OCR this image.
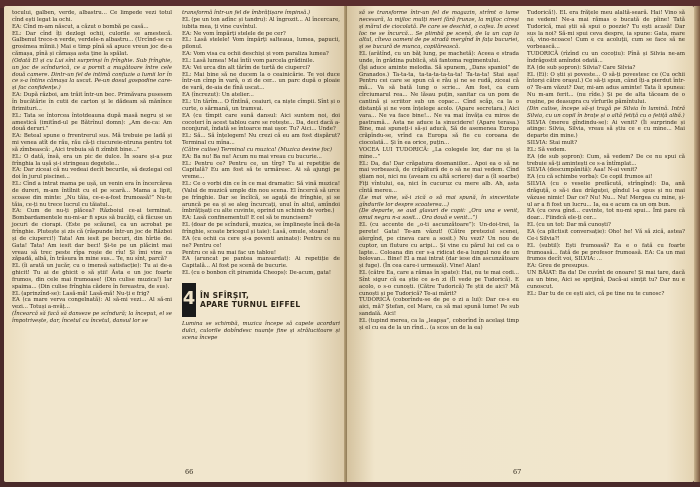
tocului, galben, verde, albastru... Ce limpede vezi totul cînd ești legat la ochi.

EA: Cînd m-am născut, a căzut o bombă pe casă...

EL: Dar cînd îți dezlegi ochii, culorile se amestecă. Galbenul trece-n verde, verdele-n albastru... (Urcînd-se cu grosimea mîinii.) Mai e timp pînă să apuce vreun joc de-a cămașa, pînă și cămașa asta ține la spălat.

(Odată El și cu Lui sînt surprinși în frînghie. Sub frînghie, un joc de scîndurică, ce a pornit a mugătoare între cele două camere. Dintr-un fel de intimă confuzie a lumii lor în ce s-a întins cămașa la uscat. Pe-un dosul gospodine care-și fac confidențe.)

EA: După război, am trăit într-un bec. Primăvara pusesem în bucătărie în cutii de carton și le dădeam să mănînce firimituri...

EL: Tata se întorcea întotdeauna după masă negru și se amestică (imitînd-ul pe Bătrînul domn): „Am de-ca: Am două deruri.”

EA: Beteal spune o frrentrerul sus. Mă trebuie pe ladă și mi venea atît de rău, rău că-ți ciucureie-ntruna pentru tot să zîmbească: „Aici trebuia să fi zîmbit bine...”

EL: O dată, însă, era un pic de dulce. În soare și-a puz frînghia la ușă și-i stringeau degetele...

EA: Dar ziceai că nu vedeai decît becurile, să dezlegai cel doi în jurul piscinei...

EL: Cînd a intrat mama pe ușă, un venin era în încercărea de dureri, m-am întîlnit cu el pe scară... Mama a lipit, scoase din minte: „Nu tăia, ce-e-a-fost frumoasă!” Nu-te tăia, ce-ți nu trece lucrul cu tăiatul...

EA: Cum de nu-ți plăcea? Războiul ce-ai terminat. Bombardamentele nu-mi-ar fi spus să bucăți, că făcuse un jocuri de ciorapi. (Este pe scăunel, ca un acrobat pe frînghie. Plutește și zis că (răspunde într-un joc de Război și de ciuperci!) Tata! Am iesit pe becuri, din hîrtie de. Gata! Tata! Am iesit dar beci! Și-te pe un plăcint mai vreau să trec peste rîpa roșie de rîu! Și îmi vine ca zăpadă, albă, în trăsura în mine sus... Te, nu sînt, parcă?

EL (îi arată un jucăr, cu o imensă satisfacție): Tu ai de-a ghicit! Tu ai de ghicit o să știi! Ăsta e un joc foarte frumos, din cele mai frumoase! (Din culise muzica!) Iar spaima... (Din culise frînghia cădere în fereastra, de sus).

EL (aprinzînd-se): Lasă-mă! Lasă-mă! Nu-ți e frig?

EA (ca mare verva congelnată): Al să-mi vezi... Al să-mi vezi... Totuși a-nvăț...

(Încearcă să facă să danseze pe scîndură; la început, el se împotrivește, dar, încetul cu încetul, dansul lor se

transformă într-un fel de îmbrățișare împinsă.)

EL (pe un ton adînc și tandru): Al îngrozit... Al încercare, iubita mea, ți vine cuvîntul.

EA: Ne vom împărți stelele de pe cer?

EL: Lasă stelele! Vom împărți salteaua, lumea, papucii, pilonul.

EA: Vom visa cu ochii deschiși și vom paraliza lumea?

EL: Lasă lumea! Mai întîi vom parcela grădinile.

EA: Vei urca din alt tărîm de turtă de ciuperci?

EL: Mai bine să ne ducem la o ceainicărie. Te voi duce într-un cîmp în vară, o zi de cer... un parc după o ploaie de vară, de-aia de fînă uscat...

EA (încrezut): Un atelier...

EL: Un tărîm... O fîntînă, ceaiuri, ca niște cîmpii. Sînt și o curte, o sărmană, un tramvai.

EA (cu tîmpit care sună dansul: Aici suntem noi, doi cocoteri în acest tablou care se rotește... Da, deci dacă a-nconjurat, îndată se întoarce mai ușor. Tu? Aici... Unde?

EL: Să... Să înțelegem! Nu crezi că eu am fost dispărut? Terminal cu mîna...

(Către culise) Terminal cu muzica! (Muzica devine foc)

EA: Ba nu! Ba nu! Acum nu mai vreau cu bucurie...

EL: Pentru ce? Pentru ce, un tîrg? Tu ai repetiție de Capitală? Eu am fost să te urmăresc. Ai să ajungi pe vreme...

EL: Ce o vorbi din ce în ce mai dramatic: Să vină muzica! (Valul de muzică umple din nou scena. El încercă să urce pe frînghie. Dar se încîlcă, se agață de frînghie, și se aruncă pe ea și se aleg încurcați, unul în altul, amîndoi îmbrățișați cu alte cuvinte, oprind un schimb de vorbe.)

EA: Lasă confinementul! E cel să te muncisem?

EL (doar de pe scîndură, muzica, se împlinește încă de-la frînghie, scoate bricegul și taie): Lasă, omule, stoara!

EA (cu ochii ca cere și-a poventi aninate): Pentru ce nu ne? Pentru ce!

Pentru ce să nu mai fac un tablou!

EA (aruncat pe pantea mansardat): Ai repetiție de Capitală... Al fost pe scenă de bucurie.

EL (cu o bonbon cît piramida Cheops): De-acum, gata!

4 ÎN SFÎRȘIT,
APARE TURNUL EIFFEL

Lumina se schimbă, muzica începe să capete acorduri dulci, culorile dobîndesc nuanțe fine și strălucitoare și scena începe

66

să se transforme într-un fel de magazin, strîmt o lume necesară, la mijloc mulți meri fără frunze, la mijloc cireși și mărul de ciocolată. Pe care se deschid, o cafea. În acest loc ne se încurcă... Se plimbă pe scenă, de la un cap la altul, cîteva oameni de pe stradă mergînd în fața bucuriei, și se bucură de munca, copilărească.

EL (arătînd, cu un băț lung, pe machetă): Aceea e strada unde, în grădina publică, stă fantoma regimentului.

(Își aduce aminte melodia. Să spunem, „Dans spaniol” de Granados.) Ta-ta-ta, ta-ta-ta-ta-ta-ta! Ta-ta-ta! Stai așa! Pentru cei care se spun că e rău și ne se rudă, ziceai că mă... Va să bată lung o scrie... Am fost, ca cum cîrciumarul rea... Ne lăsau puțin, sanitar ca un pom de cantină și scriitor sub un copac... Cînd scăp, ca la o distanță și ne vom înțelege acolo. (Apare secretara.) Aici vara... Ne va face bine!... Ne va mai învăța cu miros de pastramă... Asta ne aduce la sinucidere! (Apare terasa.) Bine, mai spuneți-i să-și aducă, Să de asemenea Europa crăpîndu-se, vrînd ca Europa să fie cu coroana de ciocolată... Și în ea orice, puțin...

VOCEA LUI TUDORICĂ: „La colegele lor, dar nu și la mine...”

EL: Da, da! Dar crăpatura dosmaniilor... Apoi ea o să ne mai vorbească, de crăpătură de o să ne mai vedem. Cînd știam noi, nici nu (aveam cu altă scriere) dar a (îl soarbe) Fiți vîntului, ea, nici în cucuruz cu mere alb. Ah, asta cîntă mereu...

(Le mai vine, să-i zică o să mai spună, în sinceritate gîndurile lor despre scoaterea...)

(De departe, se aud glasuri de copii: „Ora una e venit, omul negru n-a sosit... Ora două e venit...”)

EL (cu accente de „o-ti ascunzătoare”): Un-doi-trei, la perete! Gata! Te-am văzut! (Către preteziul scenei, alergînd, pe cineva care a sosit.) Nu vezi? Un nou de cuptor, un fluture cu aripi... Și vine cu părul lui cel ca o lapte... Coloana din cer s-a ridicat de-a lungul nou de un bolovan... Bine! El a mai intrat (dar iese din ascunzătoare și fuge). (În cea care-i urmează). Vine! Alan!

EL (către Ea, care a rămas în spate): Hai, nu te mai codi... Sînt sigur că ea știe ce a-n zi (Îl vede pe Tudorică). E acolo, o s-o cunoști. (Către Tudorică) Te știi de aici? Mă cunoști și pe Tudorică? Te-ai mărit?

TUDORICĂ (coborîndu-se de pe o zi a lui): Dar ce-s eu aici, mă? Ștefan, cel Mare, ca să mai spună lume! Pe sub sandală. Aici!

EL (tupind merea, ca la „leapșa”, coborînd în același timp și el cu ea de la un rînd... (a scos un de la ea)

Tudorică!). EL era frățele meu alaltă-seară. Hai! Vino să ne vedem! Ne-a mai rămas o bucată de pîine! Tată Tudorică, mai știi să spui o poezie? Tu ești acasă! Dar sus la noi? Să-mi spui ceva despre, ia spune: Gata, mare că, vino-ncoace! Cum e cu acoluții, cum se face să ne vorbească...

TUDORICĂ (rîzînd cu un cocoțiu): Pînă și Silvia ne-am îndrăgostit amîndoi odată...

EA (de sub șopron): Silvia? Care Silvia?

EL (Ei): O știi și poveste... O să-ți povestesc ce (Cu ochii întorși către orașul.) Ce să-ți spun, când îți-a pierdut într-o? Te-am văzut? Dar, mi-am adus aminte! Tata îi spunea: Nu m-am ferit... (nu rîde.) Și pe de alta tăceam de o rușine, pe deasupra cu vîrfurile pămîntului.

(Din culise, începe să-și tragă pe Silvia în lumină. Intră Silvia, cu un copil în brațe și o altă fetiță cu o fetiță albă.)

SILVIA (mereu gîndindu-se): Ai venit? (Îi surprinde și atinge: Silvia, Silvia, vreau să știu ce e cu mine... Mai departe din mine.)

SILVIA: Stai mult?

EL: Să vedem.

EA (de sub șopron): Cum, să vedem? De ce nu spui că trebuie să-ți amintești ce s-a întîmplat...

SILVIA (descumpănită): Aaa! N-ai venit?

EA (cu că schimbe vorba): Ce copil frumos ai!

SILVIA (cu o veselie prefăcută, strîngînd): Da, ană drăguță, o să-i dau drăguței, gîndul l-a spus și nu mai văzuse nimic! Dar ce? Nu! Nu... Nu! Mergea cu mine, și-ul ar a fi fost un lucru... Ia, ea e acum ca un om bun.

EA (cu ceva gînd... cuvinte, tot nu-mi spui... Îmi pare că doar... Fiindcă ele-ți cer...

EL (cu un tot: Dar mă cunoști?

EA (ca plictisit conversație): Oho! he! Vă să zică, astea? Ce-i Silvia?!

EL (subtil): Ești frumoasă? Ea e o fată cu foarte frumoasă... fată de pe profesor frumoasă. EA: Ca un mai frumos decît voi, SILVIA: ...

EA: Greu de presupus.

UN BĂIAT: Ba da! De cuvînt de onoare! Și mai tare, dacă au un bine, Aici se sprijină, Dacă-ai simțit tu? Dar nu e cunoscut.

EL: Dar tu de ce ești aici, că pe tine nu te cunosc?

67
